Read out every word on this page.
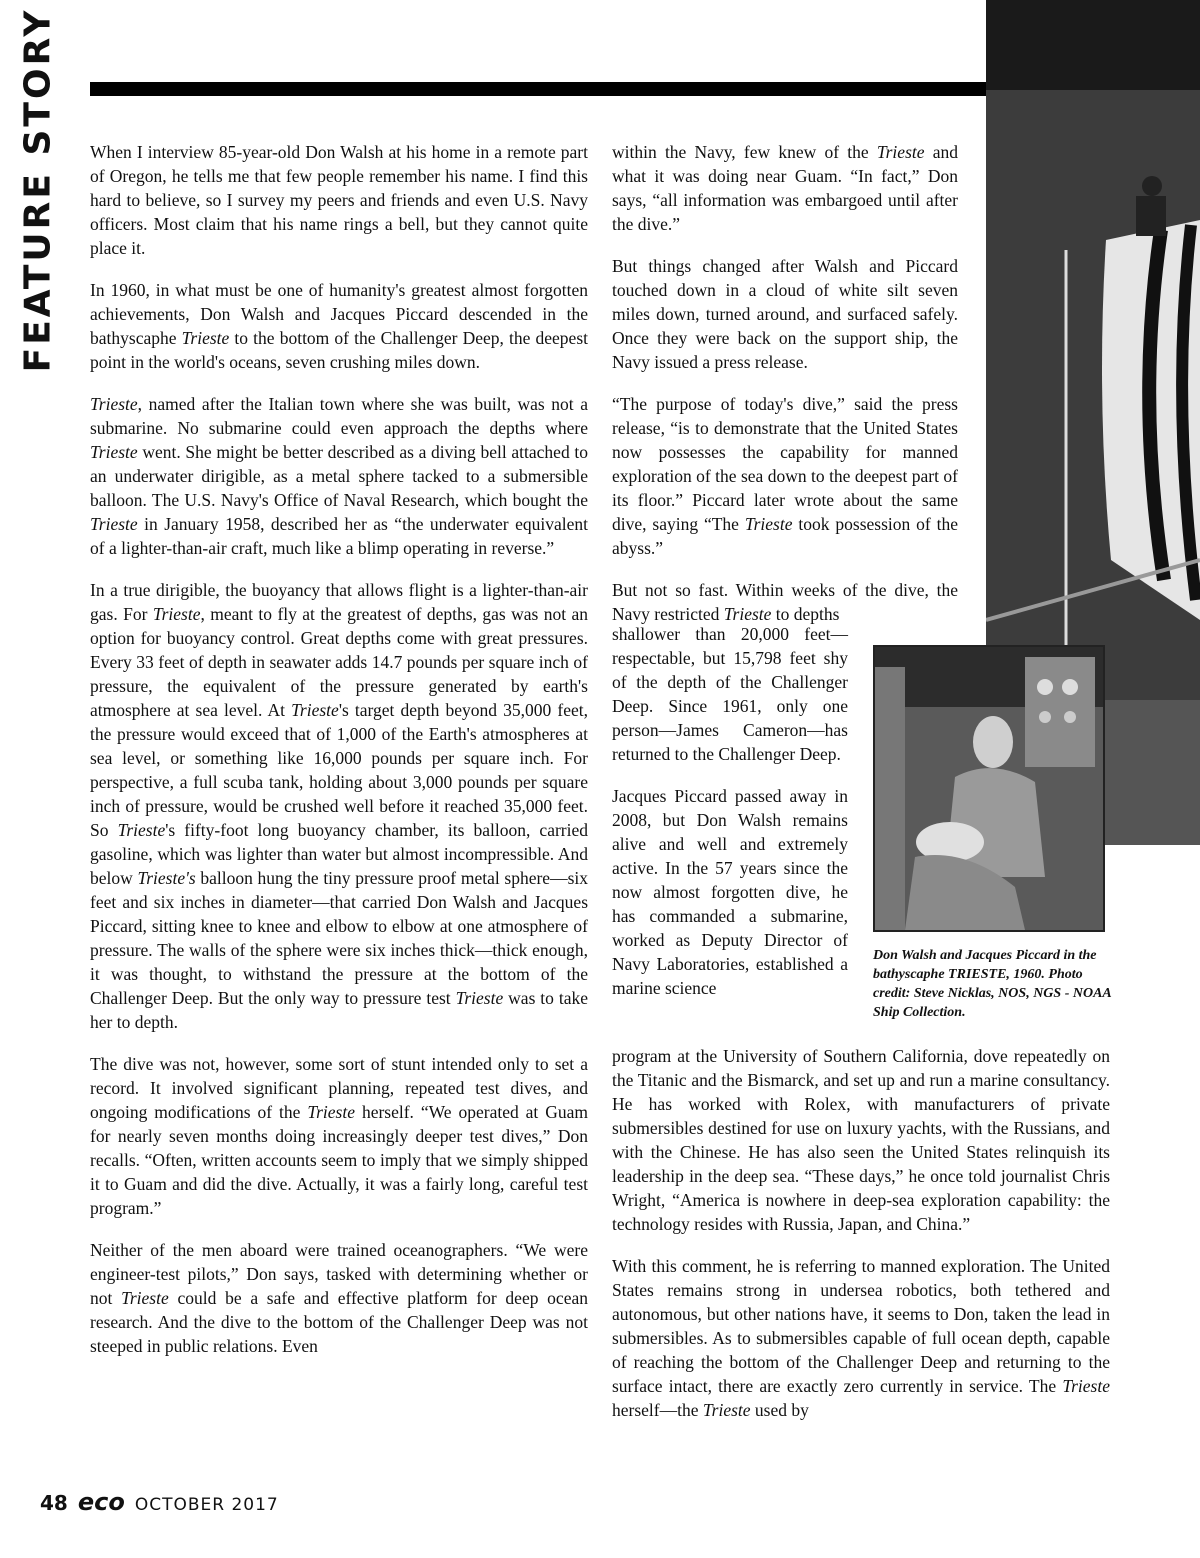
FEATURE STORY
Don Walsh and Jacques Piccard in the bathyscaphe TRIESTE, 1960. Photo credit: Steve Nicklas, NOS, NGS - NOAA Ship Collection.

When I interview 85-year-old Don Walsh at his home in a remote part of Oregon, he tells me that few people remember his name. I find this hard to believe, so I survey my peers and friends and even U.S. Navy officers. Most claim that his name rings a bell, but they cannot quite place it.

In 1960, in what must be one of humanity's greatest almost forgotten achievements, Don Walsh and Jacques Piccard descended in the bathyscaphe Trieste to the bottom of the Challenger Deep, the deepest point in the world's oceans, seven crushing miles down.

Trieste, named after the Italian town where she was built, was not a submarine. No submarine could even approach the depths where Trieste went. She might be better described as a diving bell attached to an underwater dirigible, as a metal sphere tacked to a submersible balloon. The U.S. Navy's Office of Naval Research, which bought the Trieste in January 1958, described her as “the underwater equivalent of a lighter-than-air craft, much like a blimp operating in reverse.”

In a true dirigible, the buoyancy that allows flight is a lighter-than-air gas. For Trieste, meant to fly at the greatest of depths, gas was not an option for buoyancy control. Great depths come with great pressures. Every 33 feet of depth in seawater adds 14.7 pounds per square inch of pressure, the equivalent of the pressure generated by earth's atmosphere at sea level. At Trieste's target depth beyond 35,000 feet, the pressure would exceed that of 1,000 of the Earth's atmospheres at sea level, or something like 16,000 pounds per square inch. For perspective, a full scuba tank, holding about 3,000 pounds per square inch of pressure, would be crushed well before it reached 35,000 feet. So Trieste's fifty-foot long buoyancy chamber, its balloon, carried gasoline, which was lighter than water but almost incompressible. And below Trieste's balloon hung the tiny pressure proof metal sphere—six feet and six inches in diameter—that carried Don Walsh and Jacques Piccard, sitting knee to knee and elbow to elbow at one atmosphere of pressure. The walls of the sphere were six inches thick—thick enough, it was thought, to withstand the pressure at the bottom of the Challenger Deep. But the only way to pressure test Trieste was to take her to depth.

The dive was not, however, some sort of stunt intended only to set a record. It involved significant planning, repeated test dives, and ongoing modifications of the Trieste herself. “We operated at Guam for nearly seven months doing increasingly deeper test dives,” Don recalls. “Often, written accounts seem to imply that we simply shipped it to Guam and did the dive. Actually, it was a fairly long, careful test program.”

Neither of the men aboard were trained oceanographers. “We were engineer-test pilots,” Don says, tasked with determining whether or not Trieste could be a safe and effective platform for deep ocean research. And the dive to the bottom of the Challenger Deep was not steeped in public relations. Even

within the Navy, few knew of the Trieste and what it was doing near Guam. “In fact,” Don says, “all information was embargoed until after the dive.”

But things changed after Walsh and Piccard touched down in a cloud of white silt seven miles down, turned around, and surfaced safely. Once they were back on the support ship, the Navy issued a press release.

“The purpose of today's dive,” said the press release, “is to demonstrate that the United States now possesses the capability for manned exploration of the sea down to the deepest part of its floor.” Piccard later wrote about the same dive, saying “The Trieste took possession of the abyss.”

But not so fast. Within weeks of the dive, the Navy restricted Trieste to depths

shallower than 20,000 feet—respectable, but 15,798 feet shy of the depth of the Challenger Deep. Since 1961, only one person—James Cameron—has returned to the Challenger Deep.

Jacques Piccard passed away in 2008, but Don Walsh remains alive and well and extremely active. In the 57 years since the now almost forgotten dive, he has commanded a submarine, worked as Deputy Director of Navy Laboratories, established a marine science

program at the University of Southern California, dove repeatedly on the Titanic and the Bismarck, and set up and run a marine consultancy. He has worked with Rolex, with manufacturers of private submersibles destined for use on luxury yachts, with the Russians, and with the Chinese. He has also seen the United States relinquish its leadership in the deep sea. “These days,” he once told journalist Chris Wright, “America is nowhere in deep-sea exploration capability: the technology resides with Russia, Japan, and China.”

With this comment, he is referring to manned exploration. The United States remains strong in undersea robotics, both tethered and autonomous, but other nations have, it seems to Don, taken the lead in submersibles. As to submersibles capable of full ocean depth, capable of reaching the bottom of the Challenger Deep and returning to the surface intact, there are exactly zero currently in service. The Trieste herself—the Trieste used by

48 eco OCTOBER 2017
